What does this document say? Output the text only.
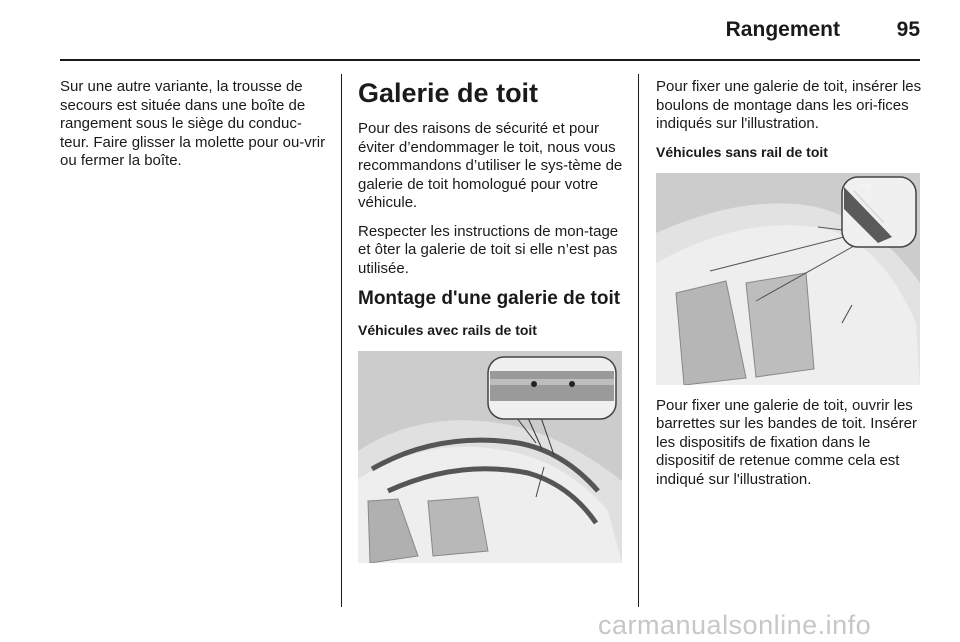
Rangement	95

Sur une autre variante, la trousse de secours est située dans une boîte de rangement sous le siège du conduc-teur. Faire glisser la molette pour ou-vrir ou fermer la boîte.

Galerie de toit

Pour des raisons de sécurité et pour éviter d’endommager le toit, nous vous recommandons d’utiliser le sys-tème de galerie de toit homologué pour votre véhicule.

Respecter les instructions de mon-tage et ôter la galerie de toit si elle n’est pas utilisée.

Montage d'une galerie de toit
Véhicules avec rails de toit

Pour fixer une galerie de toit, insérer les boulons de montage dans les ori-fices indiqués sur l'illustration.

Véhicules sans rail de toit

Pour fixer une galerie de toit, ouvrir les barrettes sur les bandes de toit. Insérer les dispositifs de fixation dans le dispositif de retenue comme cela est indiqué sur l'illustration.

carmanualsonline.info
